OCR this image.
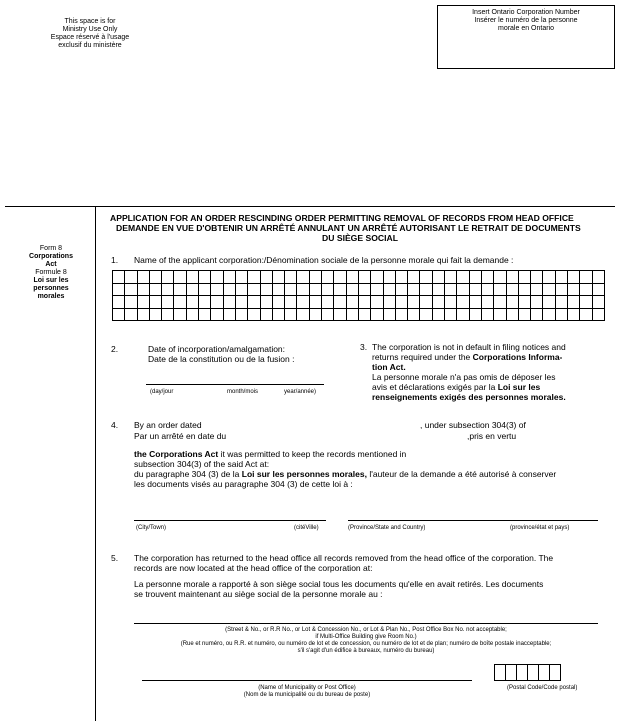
This space is for
Ministry Use Only
Espace réservé à l'usage
exclusif du ministère
Insert Ontario Corporation Number
Insérer le numéro de la personne
morale en Ontario
Form 8
Corporations
Act
Formule 8
Loi sur les
personnes
morales
APPLICATION FOR AN ORDER RESCINDING ORDER PERMITTING REMOVAL OF RECORDS FROM HEAD OFFICE
DEMANDE EN VUE D'OBTENIR UN ARRÊTÉ ANNULANT UN ARRÊTÉ AUTORISANT LE RETRAIT DE DOCUMENTS
DU SIÈGE SOCIAL
1. Name of the applicant corporation:/Dénomination sociale de la personne morale qui fait la demande :

2.	Date of incorporation/amalgamation:
Date de la constitution ou de la fusion :
(day/jour	month/mois	year/année)
3. The corporation is not in default in filing notices and
returns required under the Corporations Informa-
tion Act.
La personne morale n'a pas omis de déposer les
avis et déclarations exigés par la Loi sur les
renseignements exigés des personnes morales.
4. By an order dated	, under subsection 304(3) of
Par un arrêté en date du	,pris en vertu
the Corporations Act it was permitted to keep the records mentioned in
subsection 304(3) of the said Act at:
du paragraphe 304 (3) de la Loi sur les personnes morales, l'auteur de la demande a été autorisé à conserver
les documents visés au paragraphe 304 (3) de cette loi à :
(City/Town)	(citéVille)	(Province/State and Country)	(province/état et pays)
5. The corporation has returned to the head office all records removed from the head office of the corporation. The
records are now located at the head office of the corporation at:
La personne morale a rapporté à son siège social tous les documents qu'elle en avait retirés. Les documents
se trouvent maintenant au siège social de la personne morale au :
(Street & No., or R.R No., or Lot & Concession No., or Lot & Plan No., Post Office Box No. not acceptable;
if Multi-Office Building give Room No.)
(Rue et numéro, ou R.R. et numéro, ou numéro de lot et de concession, ou numéro de lot et de plan; numéro de boîte postale inacceptable;
s'il s'agit d'un édifice à bureaux, numéro du bureau)
(Name of Municipality or Post Office)
(Nom de la municipalité ou du bureau de poste)

(Postal Code/Code postal)
